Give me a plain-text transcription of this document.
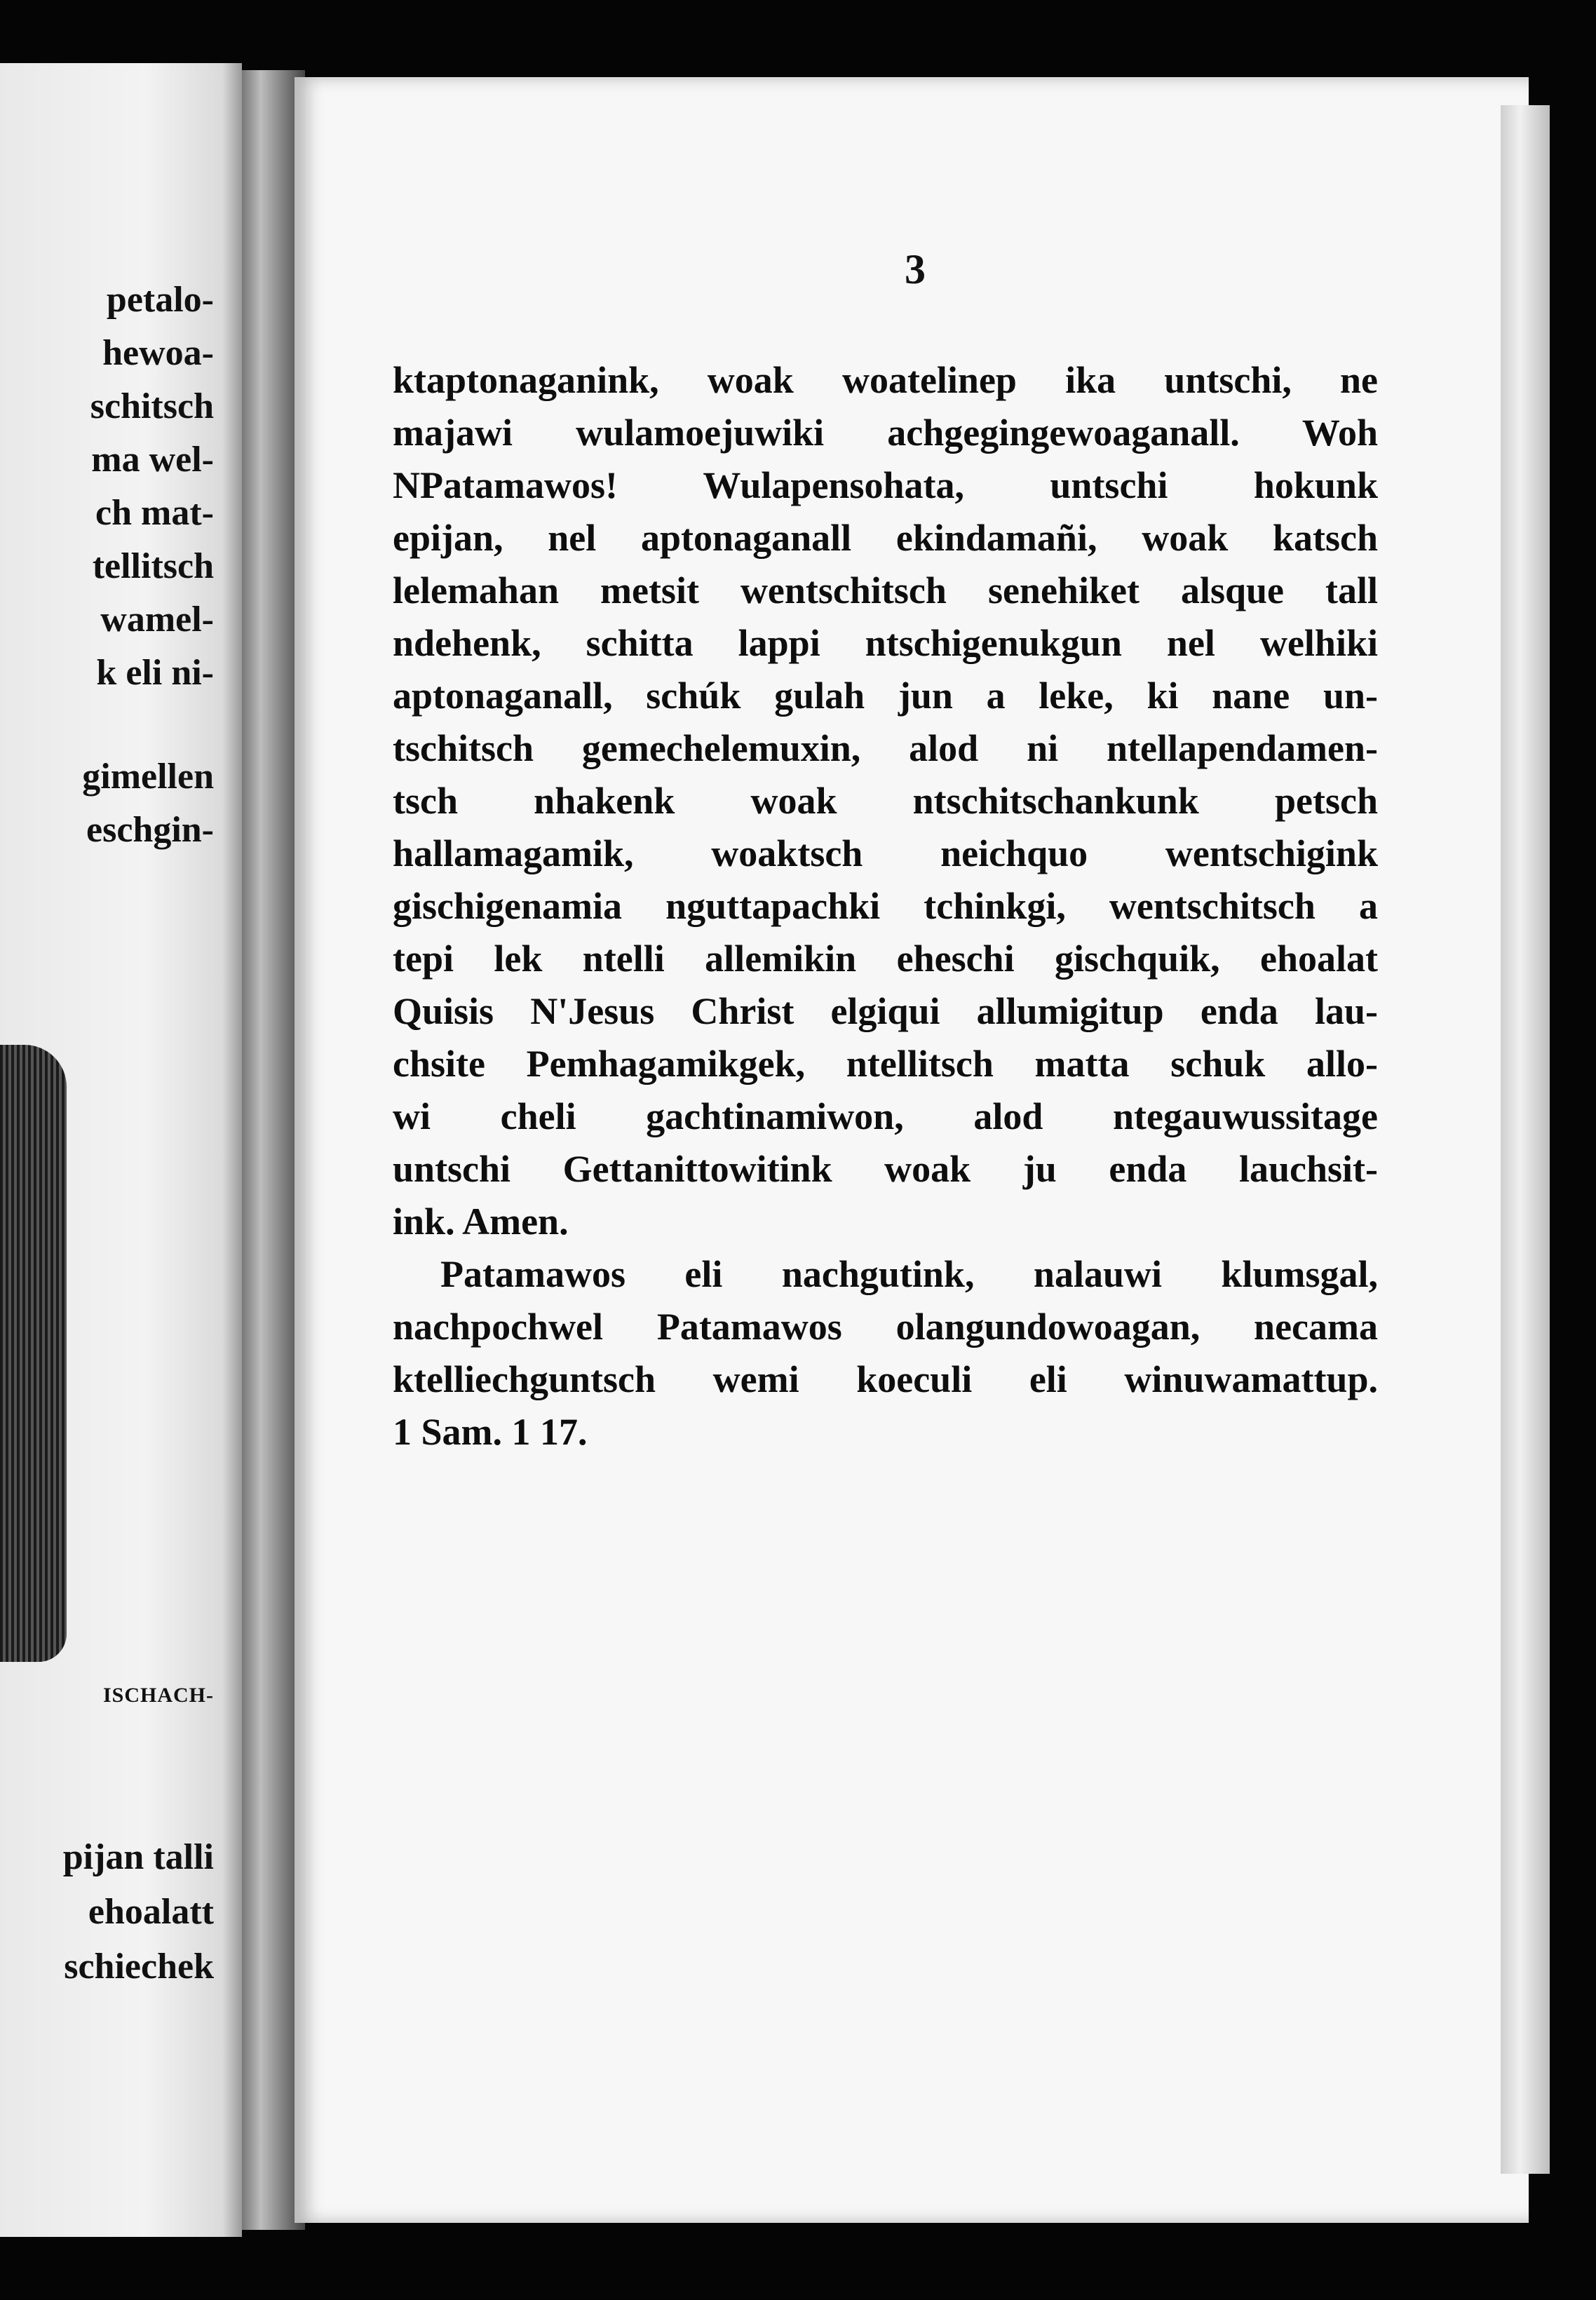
petalo-
hewoa-
schitsch
ma wel-
ch mat-
tellitsch
wamel-
k eli ni-
gimellen
eschgin-
ISCHACH-
pijan talli
ehoalatt
schiechek
3
ktaptonaganink, woak woatelinep ika untschi, ne
majawi wulamoejuwiki achgegingewoaganall. Woh
NPatamawos! Wulapensohata, untschi hokunk
epijan, nel aptonaganall ekindamañi, woak katsch
lelemahan metsit wentschitsch senehiket alsque tall
ndehenk, schitta lappi ntschigenukgun nel welhiki
aptonaganall, schúk gulah jun a leke, ki nane un-
tschitsch gemechelemuxin, alod ni ntellapendamen-
tsch nhakenk woak ntschitschankunk petsch
hallamagamik, woaktsch neichquo wentschigink
gischigenamia nguttapachki tchinkgi, wentschitsch a
tepi lek ntelli allemikin eheschi gischquik, ehoalat
Quisis N'Jesus Christ elgiqui allumigitup enda lau-
chsite Pemhagamikgek, ntellitsch matta schuk allo-
wi cheli gachtinamiwon, alod ntegauwussitage
untschi Gettanittowitink woak ju enda lauchsit-
ink. Amen.
Patamawos eli nachgutink, nalauwi klumsgal,
nachpochwel Patamawos olangundowoagan, necama
ktelliechguntsch wemi koeculi eli winuwamattup.
1 Sam. 1 17.
